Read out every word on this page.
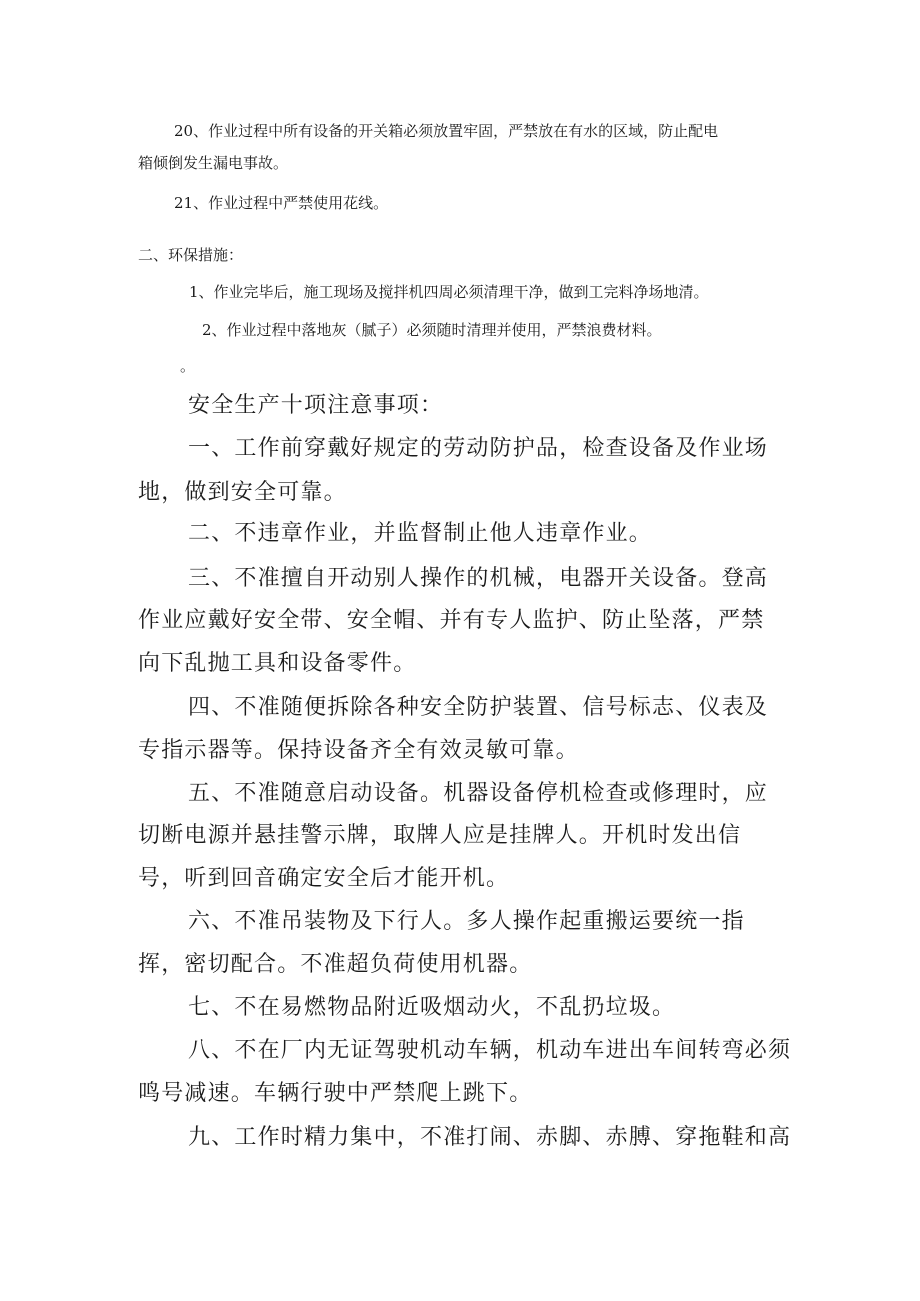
20、作业过程中所有设备的开关箱必须放置牢固，严禁放在有水的区域，防止配电
箱倾倒发生漏电事故。
21、作业过程中严禁使用花线。
二、环保措施：
1、作业完毕后，施工现场及搅拌机四周必须清理干净，做到工完料净场地清。
2、作业过程中落地灰（腻子）必须随时清理并使用，严禁浪费材料。
。
安全生产十项注意事项：
一、工作前穿戴好规定的劳动防护品，检查设备及作业场
地，做到安全可靠。
二、不违章作业，并监督制止他人违章作业。
三、不准擅自开动别人操作的机械，电器开关设备。登高
作业应戴好安全带、安全帽、并有专人监护、防止坠落，严禁
向下乱抛工具和设备零件。
四、不准随便拆除各种安全防护装置、信号标志、仪表及
专指示器等。保持设备齐全有效灵敏可靠。
五、不准随意启动设备。机器设备停机检查或修理时，应
切断电源并悬挂警示牌，取牌人应是挂牌人。开机时发出信
号，听到回音确定安全后才能开机。
六、不准吊装物及下行人。多人操作起重搬运要统一指
挥，密切配合。不准超负荷使用机器。
七、不在易燃物品附近吸烟动火，不乱扔垃圾。
八、不在厂内无证驾驶机动车辆，机动车进出车间转弯必须
鸣号减速。车辆行驶中严禁爬上跳下。
九、工作时精力集中，不准打闹、赤脚、赤膊、穿拖鞋和高
